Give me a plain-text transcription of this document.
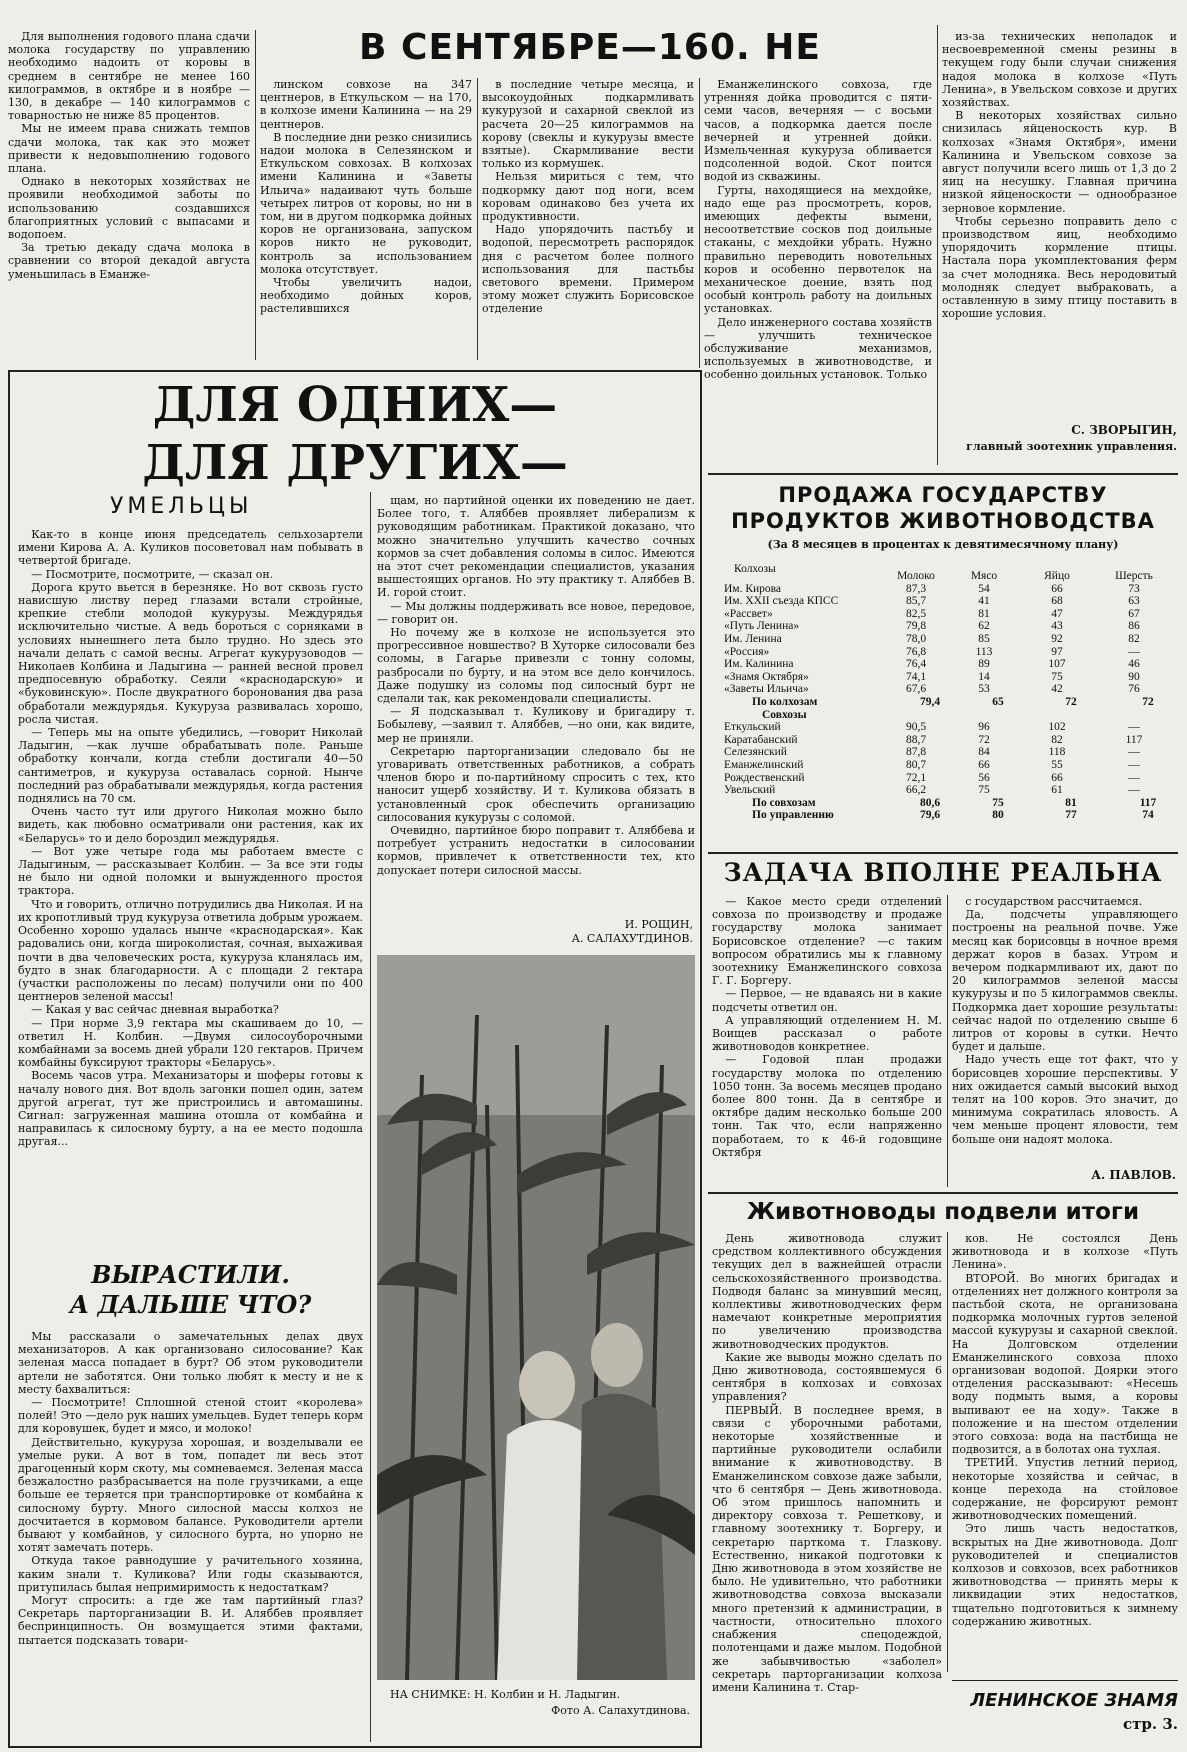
В СЕНТЯБРЕ—160. НЕ

Для выполнения годового плана сдачи молока государству по управлению необходимо надоить от коровы в среднем в сентябре не менее 160 килограммов, в октябре и в ноябре — 130, в декабре — 140 килограммов с товарностью не ниже 85 процентов.

Мы не имеем права снижать темпов сдачи молока, так как это может привести к недовыполнению годового плана.

Однако в некоторых хозяйствах не проявили необходимой заботы по использованию создавшихся благоприятных условий с выпасами и водопоем.

За третью декаду сдача молока в сравнении со второй декадой августа уменьшилась в Еманже-

линском совхозе на 347 центнеров, в Еткульском — на 170, в колхозе имени Калинина — на 29 центнеров.

В последние дни резко снизились надои молока в Селезянском и Еткульском совхозах. В колхозах имени Калинина и «Заветы Ильича» надаивают чуть больше четырех литров от коровы, но ни в том, ни в другом подкормка дойных коров не организована, запуском коров никто не руководит, контроль за использованием молока отсутствует.

Чтобы увеличить надои, необходимо дойных коров, растелившихся

в последние четыре месяца, и высокоудойных подкармливать кукурузой и сахарной свеклой из расчета 20—25 килограммов на корову (свеклы и кукурузы вместе взятые). Скармливание вести только из кормушек.

Нельзя мириться с тем, что подкормку дают под ноги, всем коровам одинаково без учета их продуктивности.

Надо упорядочить пастьбу и водопой, пересмотреть распорядок дня с расчетом более полного использования для пастьбы светового времени. Примером этому может служить Борисовское отделение

Еманжелинского совхоза, где утренняя дойка проводится с пяти-семи часов, вечерняя — с восьми часов, а подкормка дается после вечерней и утренней дойки. Измельченная кукуруза обливается подсоленной водой. Скот поится водой из скважины.

Гурты, находящиеся на мехдойке, надо еще раз просмотреть, коров, имеющих дефекты вымени, несоответствие сосков под доильные стаканы, с мехдойки убрать. Нужно правильно переводить новотельных коров и особенно первотелок на механическое доение, взять под особый контроль работу на доильных установках.

Дело инженерного состава хозяйств — улучшить техническое обслуживание механизмов, используемых в животноводстве, и особенно доильных установок. Только

из-за технических неполадок и несвоевременной смены резины в текущем году были случаи снижения надоя молока в колхозе «Путь Ленина», в Увельском совхозе и других хозяйствах.

В некоторых хозяйствах сильно снизилась яйценоскость кур. В колхозах «Знамя Октября», имени Калинина и Увельском совхозе за август получили всего лишь от 1,3 до 2 яиц на несушку. Главная причина низкой яйценоскости — однообразное зерновое кормление.

Чтобы серьезно поправить дело с производством яиц, необходимо упорядочить кормление птицы. Настала пора укомплектования ферм за счет молодняка. Весь неродовитый молодняк следует выбраковать, а оставленную в зиму птицу поставить в хорошие условия.

С. ЗВОРЫГИН,
главный зоотехник управления.
ДЛЯ ОДНИХ—
ДЛЯ ДРУГИХ—
УМЕЛЬЦЫ

Как-то в конце июня председатель сельхозартели имени Кирова А. А. Куликов посоветовал нам побывать в четвертой бригаде.

— Посмотрите, посмотрите, — сказал он.

Дорога круто вьется в березняке. Но вот сквозь густо нависшую листву перед глазами встали стройные, крепкие стебли молодой кукурузы. Междурядья исключительно чистые. А ведь бороться с сорняками в условиях нынешнего лета было трудно. Но здесь это начали делать с самой весны. Агрегат кукурузоводов — Николаев Колбина и Ладыгина — ранней весной провел предпосевную обработку. Сеяли «краснодарскую» и «буковинскую». После двукратного боронования два раза обработали междурядья. Кукуруза развивалась хорошо, росла чистая.

— Теперь мы на опыте убедились, —говорит Николай Ладыгин, —как лучше обрабатывать поле. Раньше обработку кончали, когда стебли достигали 40—50 сантиметров, и кукуруза оставалась сорной. Нынче последний раз обрабатывали междурядья, когда растения поднялись на 70 см.

Очень часто тут или другого Николая можно было видеть, как любовно осматривали они растения, как их «Беларусь» то и дело бороздил междурядья.

— Вот уже четыре года мы работаем вместе с Ладыгиным, — рассказывает Колбин. — За все эти годы не было ни одной поломки и вынужденного простоя трактора.

Что и говорить, отлично потрудились два Николая. И на их кропотливый труд кукуруза ответила добрым урожаем. Особенно хорошо удалась нынче «краснодарская». Как радовались они, когда широколистая, сочная, выхаживая почти в два человеческих роста, кукуруза кланялась им, будто в знак благодарности. А с площади 2 гектара (участки расположены по лесам) получили они по 400 центнеров зеленой массы!

— Какая у вас сейчас дневная выработка?

— При норме 3,9 гектара мы скашиваем до 10, —ответил Н. Колбин. —Двумя силосоуборочными комбайнами за восемь дней убрали 120 гектаров. Причем комбайны буксируют тракторы «Беларусь».

Восемь часов утра. Механизаторы и шоферы готовы к началу нового дня. Вот вдоль загонки пошел один, затем другой агрегат, тут же пристроились и автомашины. Сигнал: загруженная машина отошла от комбайна и направилась к силосному бурту, а на ее место подошла другая...

ВЫРАСТИЛИ.
А ДАЛЬШЕ ЧТО?

Мы рассказали о замечательных делах двух механизаторов. А как организовано силосование? Как зеленая масса попадает в бурт? Об этом руководители артели не заботятся. Они только любят к месту и не к месту бахвалиться:

— Посмотрите! Сплошной стеной стоит «королева» полей! Это —дело рук наших умельцев. Будет теперь корм для коровушек, будет и мясо, и молоко!

Действительно, кукуруза хорошая, и возделывали ее умелые руки. А вот в том, попадет ли весь этот драгоценный корм скоту, мы сомневаемся. Зеленая масса безжалостно разбрасывается на поле грузчиками, а еще больше ее теряется при транспортировке от комбайна к силосному бурту. Много силосной массы колхоз не досчитается в кормовом балансе. Руководители артели бывают у комбайнов, у силосного бурта, но упорно не хотят замечать потерь.

Откуда такое равнодушие у рачительного хозяина, каким знали т. Куликова? Или годы сказываются, притупилась былая непримиримость к недостаткам?

Могут спросить: а где же там партийный глаз? Секретарь парторганизации В. И. Аляббев проявляет беспринципность. Он возмущается этими фактами, пытается подсказать товари-

щам, но партийной оценки их поведению не дает. Более того, т. Аляббев проявляет либерализм к руководящим работникам. Практикой доказано, что можно значительно улучшить качество сочных кормов за счет добавления соломы в силос. Имеются на этот счет рекомендации специалистов, указания вышестоящих органов. Но эту практику т. Аляббев В. И. горой стоит.

— Мы должны поддерживать все новое, передовое, — говорит он.

Но почему же в колхозе не используется это прогрессивное новшество? В Хуторке силосовали без соломы, в Гагарье привезли с тонну соломы, разбросали по бурту, и на этом все дело кончилось. Даже подушку из соломы под силосный бурт не сделали так, как рекомендовали специалисты.

— Я подсказывал т. Куликову и бригадиру т. Бобылеву, —заявил т. Аляббев, —но они, как видите, мер не приняли.

Секретарю парторганизации следовало бы не уговаривать ответственных работников, а собрать членов бюро и по-партийному спросить с тех, кто наносит ущерб хозяйству. И т. Куликова обязать в установленный срок обеспечить организацию силосования кукурузы с соломой.

Очевидно, партийное бюро поправит т. Аляббева и потребует устранить недостатки в силосовании кормов, привлечет к ответственности тех, кто допускает потери силосной массы.

И. РОЩИН,
А. САЛАХУТДИНОВ.
НА СНИМКЕ: Н. Колбин и Н. Ладыгин.
Фото А. Салахутдинова.
ПРОДАЖА ГОСУДАРСТВУ
ПРОДУКТОВ ЖИВОТНОВОДСТВА
(За 8 месяцев в процентах к девятимесячному плану)
Колхозы	Молоко	Мясо	Яйцо	Шерсть
Им. Кирова	87,3	54	66	73
Им. XXII съезда КПСС	85,7	41	68	63
«Рассвет»	82,5	81	47	67
«Путь Ленина»	79,8	62	43	86
Им. Ленина	78,0	85	92	82
«Россия»	76,8	113	97	—
Им. Калинина	76,4	89	107	46
«Знамя Октября»	74,1	14	75	90
«Заветы Ильича»	67,6	53	42	76
По колхозам	79,4	65	72	72
Совхозы				
Еткульский	90,5	96	102	—
Каратабанский	88,7	72	82	117
Селезянский	87,8	84	118	—
Еманжелинский	80,7	66	55	—
Рождественский	72,1	56	66	—
Увельский	66,2	75	61	—
По совхозам	80,6	75	81	117
По управлению	79,6	80	77	74
ЗАДАЧА ВПОЛНЕ РЕАЛЬНА

— Какое место среди отделений совхоза по производству и продаже государству молока занимает Борисовское отделение? —с таким вопросом обратились мы к главному зоотехнику Еманжелинского совхоза Г. Г. Боргеру.

— Первое, — не вдаваясь ни в какие подсчеты ответил он.

А управляющий отделением Н. М. Воищев рассказал о работе животноводов конкретнее.

— Годовой план продажи государству молока по отделению 1050 тонн. За восемь месяцев продано более 800 тонн. Да в сентябре и октябре дадим несколько больше 200 тонн. Так что, если напряженно поработаем, то к 46-й годовщине Октября

с государством рассчитаемся.

Да, подсчеты управляющего построены на реальной почве. Уже месяц как борисовцы в ночное время держат коров в базах. Утром и вечером подкармливают их, дают по 20 килограммов зеленой массы кукурузы и по 5 килограммов свеклы. Подкормка дает хорошие результаты: сейчас надой по отделению свыше 6 литров от коровы в сутки. Нечто будет и дальше.

Надо учесть еще тот факт, что у борисовцев хорошие перспективы. У них ожидается самый высокий выход телят на 100 коров. Это значит, до минимума сократилась яловость. А чем меньше процент яловости, тем больше они надоят молока.

А. ПАВЛОВ.
Животноводы подвели итоги

День животновода служит средством коллективного обсуждения текущих дел в важнейшей отрасли сельскохозяйственного производства. Подводя баланс за минувший месяц, коллективы животноводческих ферм намечают конкретные мероприятия по увеличению производства животноводческих продуктов.

Какие же выводы можно сделать по Дню животновода, состоявшемуся 6 сентября в колхозах и совхозах управления?

ПЕРВЫЙ. В последнее время, в связи с уборочными работами, некоторые хозяйственные и партийные руководители ослабили внимание к животноводству. В Еманжелинском совхозе даже забыли, что 6 сентября — День животновода. Об этом пришлось напомнить и директору совхоза т. Решеткову, и главному зоотехнику т. Боргеру, и секретарю парткома т. Глазкову. Естественно, никакой подготовки к Дню животновода в этом хозяйстве не было. Не удивительно, что работники животноводства совхоза высказали много претензий к администрации, в частности, относительно плохого снабжения спецодеждой, полотенцами и даже мылом. Подобной же забывчивостью «заболел» секретарь парторганизации колхоза имени Калинина т. Стар-

ков. Не состоялся День животновода и в колхозе «Путь Ленина».

ВТОРОЙ. Во многих бригадах и отделениях нет должного контроля за пастьбой скота, не организована подкормка молочных гуртов зеленой массой кукурузы и сахарной свеклой. На Долговском отделении Еманжелинского совхоза плохо организован водопой. Доярки этого отделения рассказывают: «Несешь воду подмыть вымя, а коровы выпивают ее на ходу». Также в положение и на шестом отделении этого совхоза: вода на пастбища не подвозится, а в болотах она тухлая.

ТРЕТИЙ. Упустив летний период, некоторые хозяйства и сейчас, в конце перехода на стойловое содержание, не форсируют ремонт животноводческих помещений.

Это лишь часть недостатков, вскрытых на Дне животновода. Долг руководителей и специалистов колхозов и совхозов, всех работников животноводства — принять меры к ликвидации этих недостатков, тщательно подготовиться к зимнему содержанию животных.

ЛЕНИНСКОЕ ЗНАМЯ
стр. 3.
